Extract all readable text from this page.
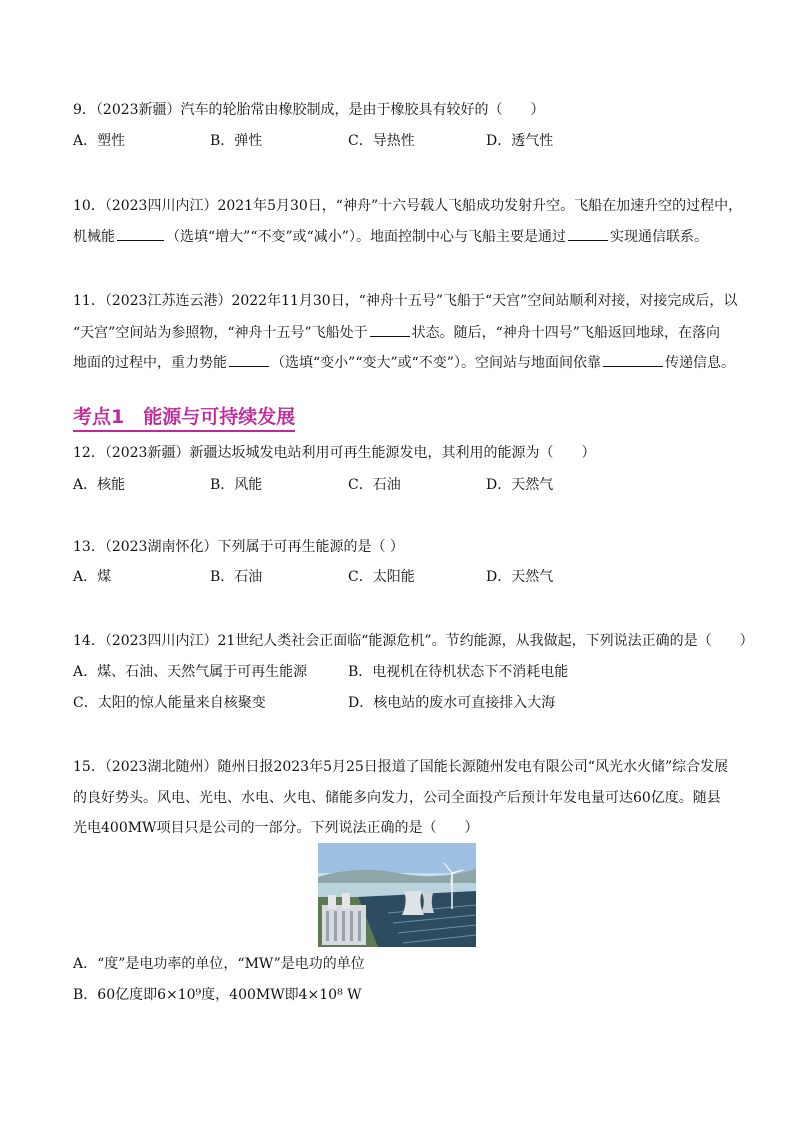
9．（2023新疆）汽车的轮胎常由橡胶制成，是由于橡胶具有较好的（　　）
A．塑性	B．弹性	C．导热性	D．透气性
10．（2023四川内江）2021年5月30日，“神舟”十六号载人飞船成功发射升空。飞船在加速升空的过程中，
机械能	（选填“增大”“不变”或“减小”）。地面控制中心与飞船主要是通过	实现通信联系。
11．（2023江苏连云港）2022年11月30日，“神舟十五号”飞船于“天宫”空间站顺利对接，对接完成后，以
“天宫”空间站为参照物，“神舟十五号”飞船处于	状态。随后，“神舟十四号”飞船返回地球，在落向
地面的过程中，重力势能	（选填“变小”“变大”或“不变”）。空间站与地面间依靠	传递信息。
考点1　能源与可持续发展
12．（2023新疆）新疆达坂城发电站利用可再生能源发电，其利用的能源为（　　）
A．核能	B．风能	C．石油	D．天然气
13．（2023湖南怀化）下列属于可再生能源的是（ ）
A．煤	B．石油	C．太阳能	D．天然气
14．（2023四川内江）21世纪人类社会正面临“能源危机”。节约能源，从我做起，下列说法正确的是（　　）
A．煤、石油、天然气属于可再生能源	B．电视机在待机状态下不消耗电能
C．太阳的惊人能量来自核聚变	D．核电站的废水可直接排入大海
15．（2023湖北随州）随州日报2023年5月25日报道了国能长源随州发电有限公司“风光水火储”综合发展
的良好势头。风电、光电、水电、火电、储能多向发力，公司全面投产后预计年发电量可达60亿度。随县
光电400MW项目只是公司的一部分。下列说法正确的是（　　）
A．“度”是电功率的单位，“MW”是电功的单位
B．60亿度即6×10⁹度，400MW即4×10⁸ W
